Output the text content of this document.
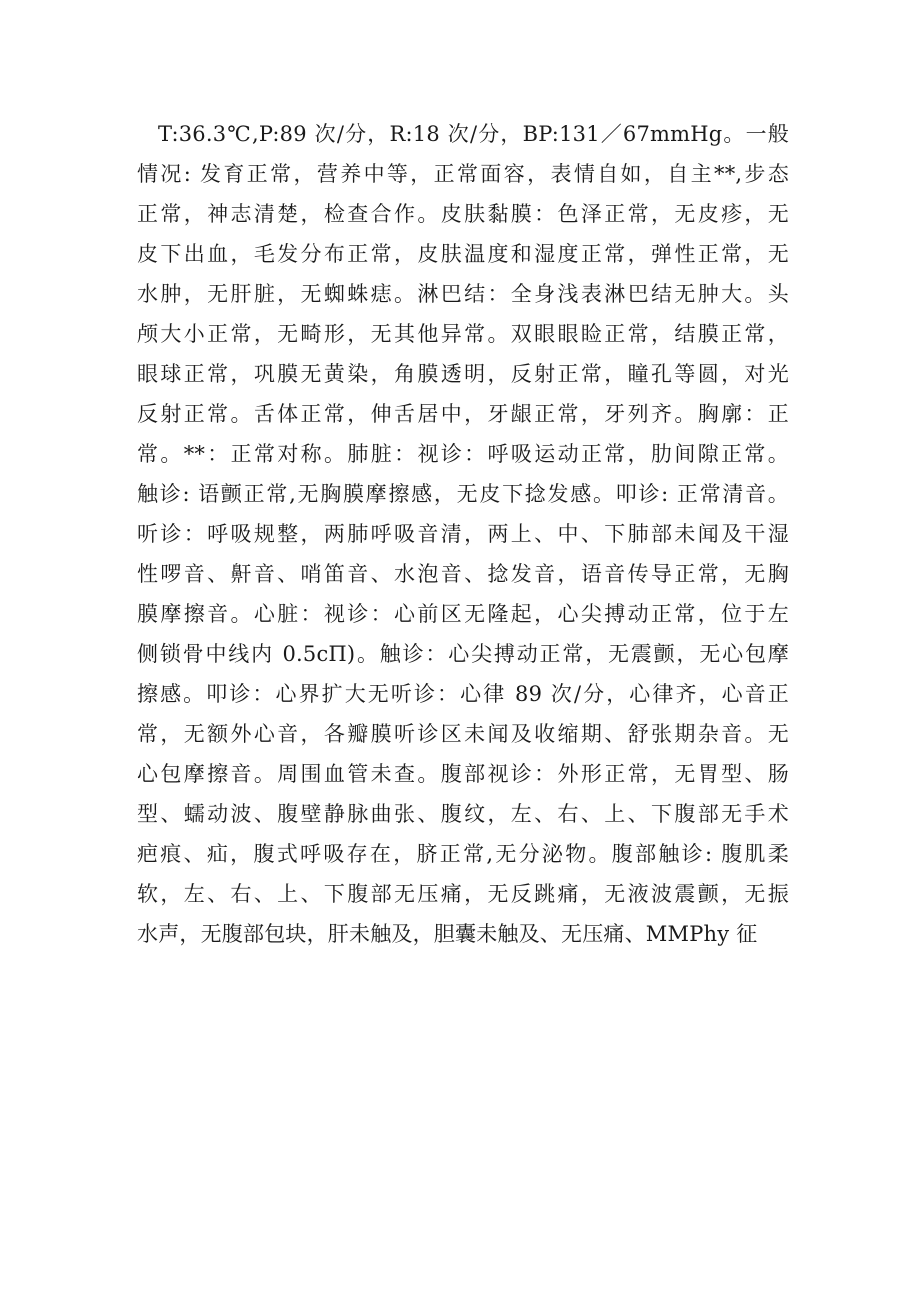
T:36.3℃,P:89 次/分，R:18 次/分，BP:131／67mmHg。一般
情况: 发育正常，营养中等，正常面容，表情自如，自主**,步态
正常，神志清楚，检查合作。皮肤黏膜：色泽正常，无皮疹，无
皮下出血，毛发分布正常，皮肤温度和湿度正常，弹性正常，无
水肿，无肝脏，无蜘蛛痣。淋巴结：全身浅表淋巴结无肿大。头
颅大小正常，无畸形，无其他异常。双眼眼睑正常，结膜正常，
眼球正常，巩膜无黄染，角膜透明，反射正常，瞳孔等圆，对光
反射正常。舌体正常，伸舌居中，牙龈正常，牙列齐。胸廓：正
常。**：正常对称。肺脏：视诊：呼吸运动正常，肋间隙正常。
触诊: 语颤正常,无胸膜摩擦感，无皮下捻发感。叩诊: 正常清音。
听诊：呼吸规整，两肺呼吸音清，两上、中、下肺部未闻及干湿
性啰音、鼾音、哨笛音、水泡音、捻发音，语音传导正常，无胸
膜摩擦音。心脏：视诊：心前区无隆起，心尖搏动正常，位于左
侧锁骨中线内 0.5cΠ)。触诊：心尖搏动正常，无震颤，无心包摩
擦感。叩诊：心界扩大无听诊：心律 89 次/分，心律齐，心音正
常，无额外心音，各瓣膜听诊区未闻及收缩期、舒张期杂音。无
心包摩擦音。周围血管未查。腹部视诊：外形正常，无胃型、肠
型、蠕动波、腹壁静脉曲张、腹纹，左、右、上、下腹部无手术
疤痕、疝，腹式呼吸存在，脐正常,无分泌物。腹部触诊: 腹肌柔
软，左、右、上、下腹部无压痛，无反跳痛，无液波震颤，无振
水声，无腹部包块，肝未触及，胆囊未触及、无压痛、MMPhy 征
